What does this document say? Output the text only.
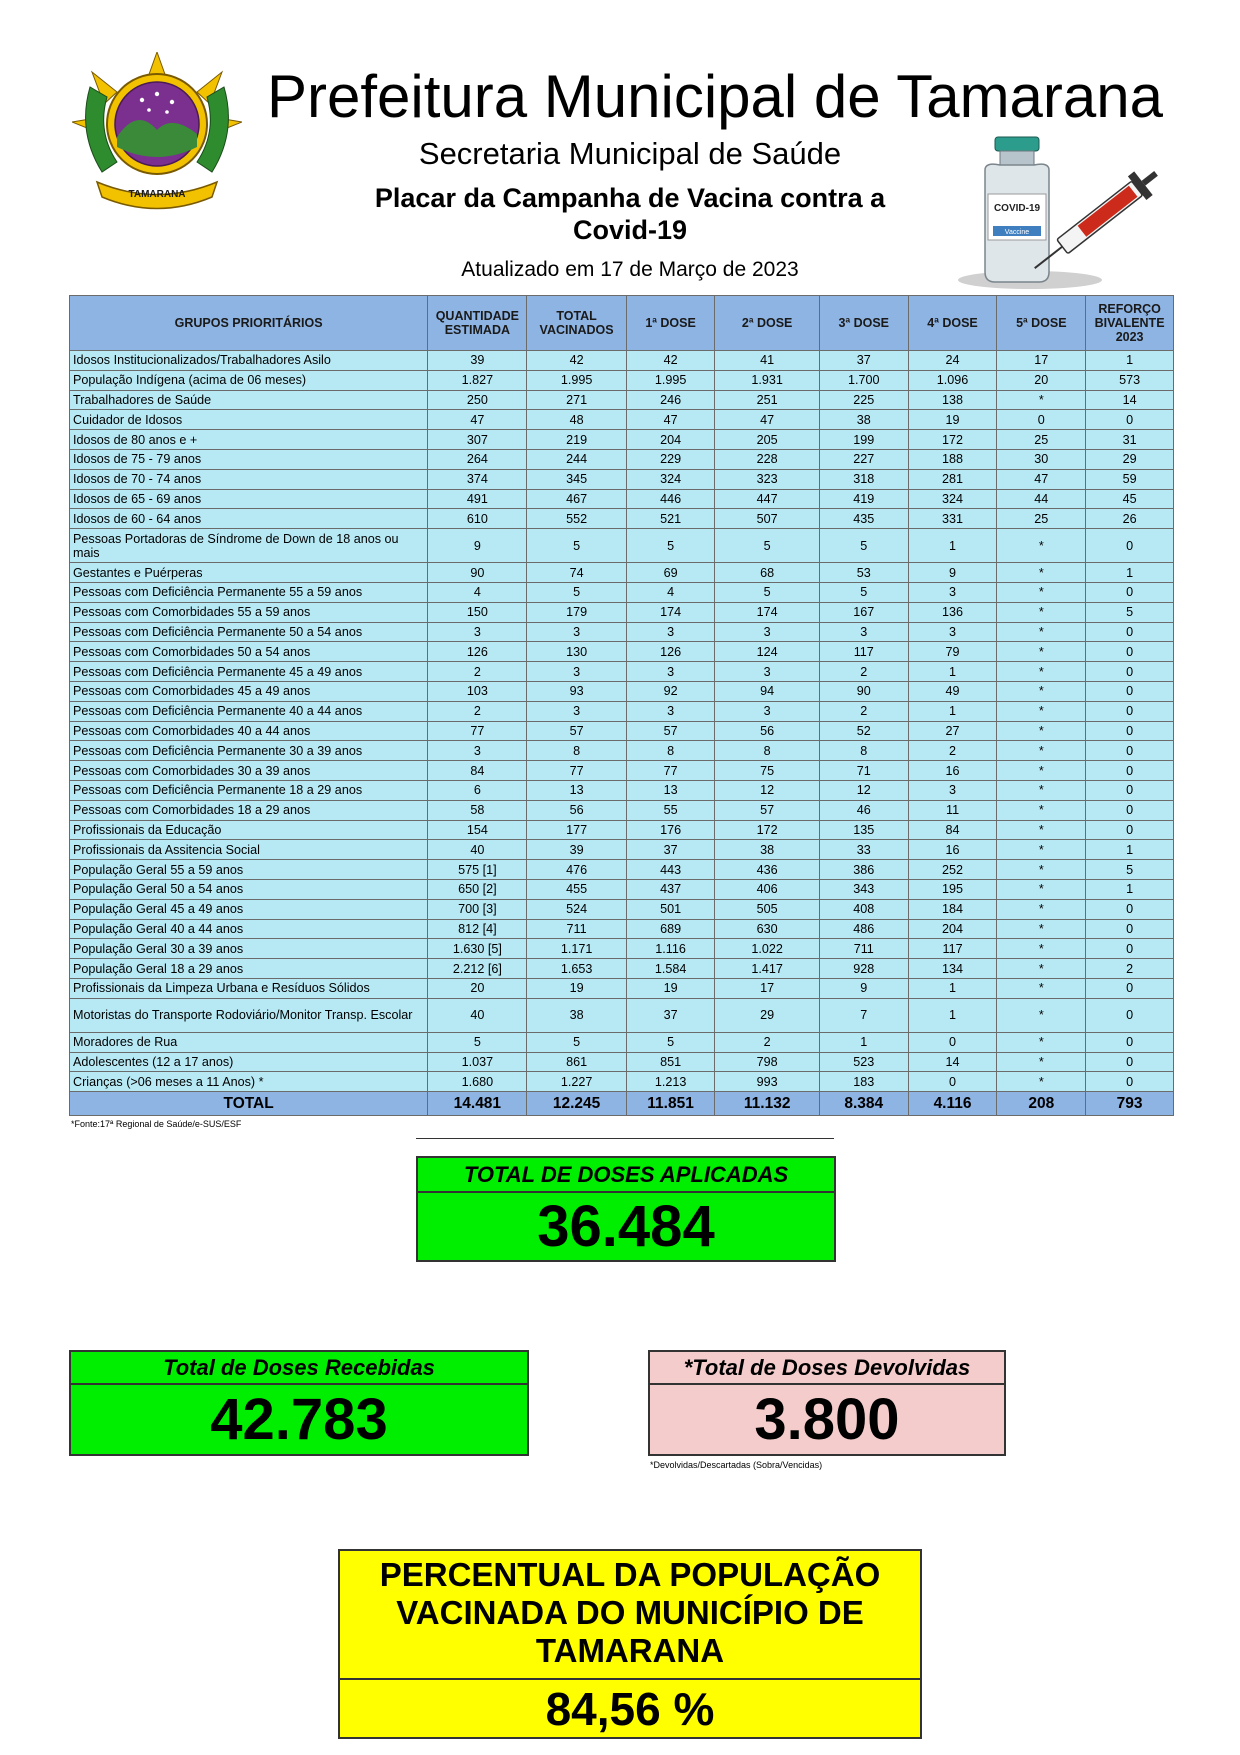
TAMARANA
Prefeitura Municipal de Tamarana
Secretaria Municipal de Saúde
Placar da Campanha de Vacina contra a
Covid-19
Atualizado em 17 de Março de 2023
COVID-19
Vaccine
GRUPOS PRIORITÁRIOS	QUANTIDADE ESTIMADA	TOTAL VACINADOS	1ª DOSE	2ª DOSE	3ª DOSE	4ª DOSE	5ª DOSE	REFORÇO BIVALENTE 2023
Idosos Institucionalizados/Trabalhadores Asilo	39	42	42	41	37	24	17	1
População Indígena (acima de 06 meses)	1.827	1.995	1.995	1.931	1.700	1.096	20	573
Trabalhadores de Saúde	250	271	246	251	225	138	*	14
Cuidador de Idosos	47	48	47	47	38	19	0	0
Idosos de 80 anos e +	307	219	204	205	199	172	25	31
Idosos de 75 - 79 anos	264	244	229	228	227	188	30	29
Idosos de 70 - 74 anos	374	345	324	323	318	281	47	59
Idosos de 65 - 69 anos	491	467	446	447	419	324	44	45
Idosos de 60 - 64 anos	610	552	521	507	435	331	25	26
Pessoas Portadoras de Síndrome de Down de 18 anos ou mais	9	5	5	5	5	1	*	0
Gestantes e Puérperas	90	74	69	68	53	9	*	1
Pessoas com Deficiência Permanente 55 a 59 anos	4	5	4	5	5	3	*	0
Pessoas com Comorbidades 55 a 59 anos	150	179	174	174	167	136	*	5
Pessoas com Deficiência Permanente 50 a 54 anos	3	3	3	3	3	3	*	0
Pessoas com Comorbidades 50 a 54 anos	126	130	126	124	117	79	*	0
Pessoas com Deficiência Permanente 45 a 49 anos	2	3	3	3	2	1	*	0
Pessoas com Comorbidades 45 a 49 anos	103	93	92	94	90	49	*	0
Pessoas com Deficiência Permanente 40 a 44 anos	2	3	3	3	2	1	*	0
Pessoas com Comorbidades 40 a 44 anos	77	57	57	56	52	27	*	0
Pessoas com Deficiência Permanente 30 a 39 anos	3	8	8	8	8	2	*	0
Pessoas com Comorbidades 30 a 39 anos	84	77	77	75	71	16	*	0
Pessoas com Deficiência Permanente 18 a 29 anos	6	13	13	12	12	3	*	0
Pessoas com Comorbidades 18 a 29 anos	58	56	55	57	46	11	*	0
Profissionais da Educação	154	177	176	172	135	84	*	0
Profissionais da Assitencia Social	40	39	37	38	33	16	*	1
População Geral 55 a 59 anos	575 [1]	476	443	436	386	252	*	5
População Geral 50 a 54 anos	650 [2]	455	437	406	343	195	*	1
População Geral 45 a 49 anos	700 [3]	524	501	505	408	184	*	0
População Geral 40 a 44 anos	812 [4]	711	689	630	486	204	*	0
População Geral 30 a 39 anos	1.630 [5]	1.171	1.116	1.022	711	117	*	0
População Geral 18 a 29 anos	2.212 [6]	1.653	1.584	1.417	928	134	*	2
Profissionais da Limpeza Urbana e Resíduos Sólidos	20	19	19	17	9	1	*	0
Motoristas do Transporte Rodoviário/Monitor Transp. Escolar	40	38	37	29	7	1	*	0
Moradores de Rua	5	5	5	2	1	0	*	0
Adolescentes (12 a 17 anos)	1.037	861	851	798	523	14	*	0
Crianças (>06 meses a 11 Anos) *	1.680	1.227	1.213	993	183	0	*	0
TOTAL	14.481	12.245	11.851	11.132	8.384	4.116	208	793
*Fonte:17ª Regional de Saúde/e-SUS/ESF
TOTAL DE DOSES APLICADAS
36.484
Total de Doses Recebidas
42.783
*Total de Doses Devolvidas
3.800
*Devolvidas/Descartadas (Sobra/Vencidas)
PERCENTUAL DA POPULAÇÃO
VACINADA DO MUNICÍPIO DE
TAMARANA
84,56 %
